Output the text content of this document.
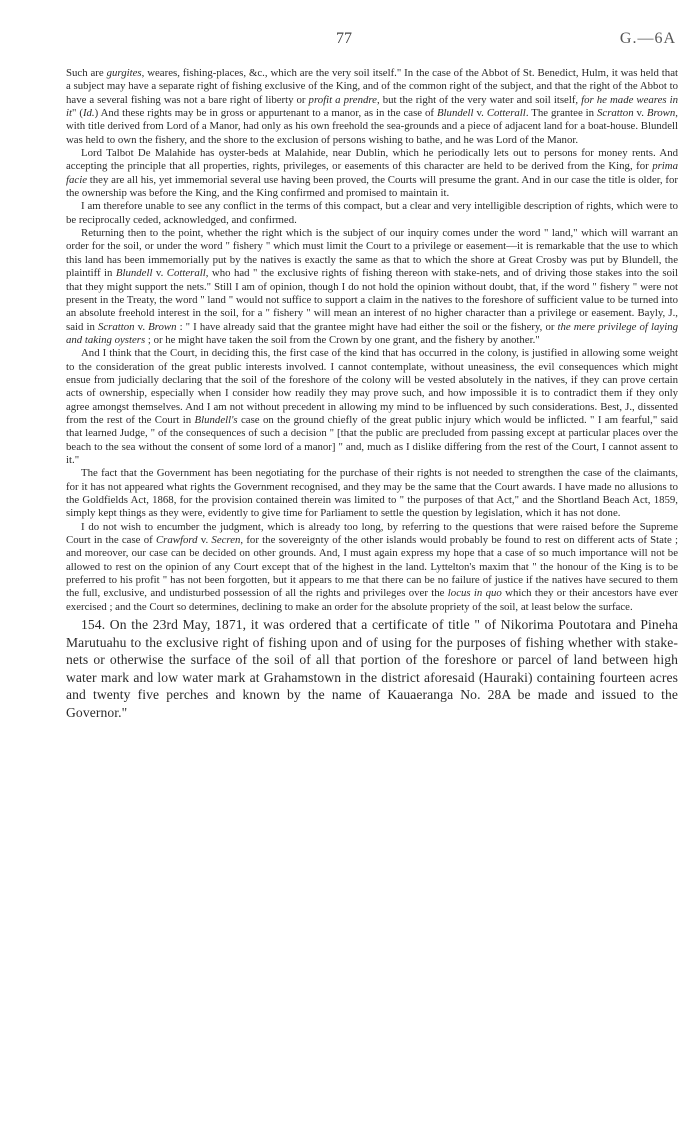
77	G.—6A

Such are gurgites, weares, fishing-places, &c., which are the very soil itself." In the case of the Abbot of St. Benedict, Hulm, it was held that a subject may have a separate right of fishing exclusive of the King, and of the common right of the subject, and that the right of the Abbot to have a several fishing was not a bare right of liberty or profit a prendre, but the right of the very water and soil itself, for he made weares in it" (Id.) And these rights may be in gross or appurtenant to a manor, as in the case of Blundell v. Cotterall. The grantee in Scratton v. Brown, with title derived from Lord of a Manor, had only as his own freehold the sea-grounds and a piece of adjacent land for a boat-house. Blundell was held to own the fishery, and the shore to the exclusion of persons wishing to bathe, and he was Lord of the Manor.

Lord Talbot De Malahide has oyster-beds at Malahide, near Dublin, which he periodically lets out to persons for money rents. And accepting the principle that all properties, rights, privileges, or easements of this character are held to be derived from the King, for prima facie they are all his, yet immemorial several use having been proved, the Courts will presume the grant. And in our case the title is older, for the ownership was before the King, and the King confirmed and promised to maintain it.

I am therefore unable to see any conflict in the terms of this compact, but a clear and very intelligible description of rights, which were to be reciprocally ceded, acknowledged, and confirmed.

Returning then to the point, whether the right which is the subject of our inquiry comes under the word " land," which will warrant an order for the soil, or under the word " fishery " which must limit the Court to a privilege or easement—it is remarkable that the use to which this land has been immemorially put by the natives is exactly the same as that to which the shore at Great Crosby was put by Blundell, the plaintiff in Blundell v. Cotterall, who had " the exclusive rights of fishing thereon with stake-nets, and of driving those stakes into the soil that they might support the nets." Still I am of opinion, though I do not hold the opinion without doubt, that, if the word " fishery " were not present in the Treaty, the word " land " would not suffice to support a claim in the natives to the foreshore of sufficient value to be turned into an absolute freehold interest in the soil, for a " fishery " will mean an interest of no higher character than a privilege or easement. Bayly, J., said in Scratton v. Brown : " I have already said that the grantee might have had either the soil or the fishery, or the mere privilege of laying and taking oysters ; or he might have taken the soil from the Crown by one grant, and the fishery by another."

And I think that the Court, in deciding this, the first case of the kind that has occurred in the colony, is justified in allowing some weight to the consideration of the great public interests involved. I cannot contemplate, without uneasiness, the evil consequences which might ensue from judicially declaring that the soil of the foreshore of the colony will be vested absolutely in the natives, if they can prove certain acts of ownership, especially when I consider how readily they may prove such, and how impossible it is to contradict them if they only agree amongst themselves. And I am not without precedent in allowing my mind to be influenced by such considerations. Best, J., dissented from the rest of the Court in Blundell's case on the ground chiefly of the great public injury which would be inflicted. " I am fearful," said that learned Judge, " of the consequences of such a decision " [that the public are precluded from passing except at particular places over the beach to the sea without the consent of some lord of a manor] " and, much as I dislike differing from the rest of the Court, I cannot assent to it."

The fact that the Government has been negotiating for the purchase of their rights is not needed to strengthen the case of the claimants, for it has not appeared what rights the Government recognised, and they may be the same that the Court awards. I have made no allusions to the Goldfields Act, 1868, for the provision contained therein was limited to " the purposes of that Act," and the Shortland Beach Act, 1859, simply kept things as they were, evidently to give time for Parliament to settle the question by legislation, which it has not done.

I do not wish to encumber the judgment, which is already too long, by referring to the questions that were raised before the Supreme Court in the case of Crawford v. Secren, for the sovereignty of the other islands would probably be found to rest on different acts of State ; and moreover, our case can be decided on other grounds. And, I must again express my hope that a case of so much importance will not be allowed to rest on the opinion of any Court except that of the highest in the land. Lyttelton's maxim that " the honour of the King is to be preferred to his profit " has not been forgotten, but it appears to me that there can be no failure of justice if the natives have secured to them the full, exclusive, and undisturbed possession of all the rights and privileges over the locus in quo which they or their ancestors have ever exercised ; and the Court so determines, declining to make an order for the absolute propriety of the soil, at least below the surface.

154. On the 23rd May, 1871, it was ordered that a certificate of title " of Nikorima Poutotara and Pineha Marutuahu to the exclusive right of fishing upon and of using for the purposes of fishing whether with stake-nets or otherwise the surface of the soil of all that portion of the foreshore or parcel of land between high water mark and low water mark at Grahamstown in the district aforesaid (Hauraki) containing fourteen acres and twenty five perches and known by the name of Kauaeranga No. 28A be made and issued to the Governor."
